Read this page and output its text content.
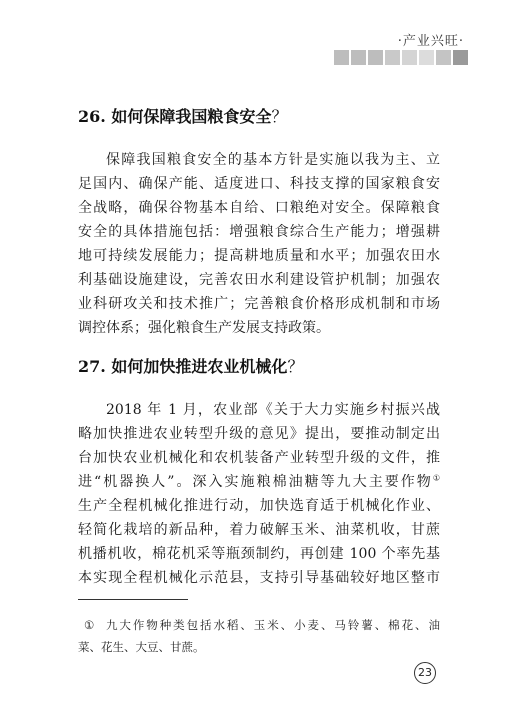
·产业兴旺·
26. 如何保障我国粮食安全？
保障我国粮食安全的基本方针是实施以我为主、立
足国内、确保产能、适度进口、科技支撑的国家粮食安
全战略，确保谷物基本自给、口粮绝对安全。保障粮食
安全的具体措施包括：增强粮食综合生产能力；增强耕
地可持续发展能力；提高耕地质量和水平；加强农田水
利基础设施建设，完善农田水利建设管护机制；加强农
业科研攻关和技术推广；完善粮食价格形成机制和市场
调控体系；强化粮食生产发展支持政策。
27. 如何加快推进农业机械化？
2018 年 1 月，农业部《关于大力实施乡村振兴战
略加快推进农业转型升级的意见》提出，要推动制定出
台加快农业机械化和农机装备产业转型升级的文件，推
进“机器换人”。深入实施粮棉油糖等九大主要作物①
生产全程机械化推进行动，加快选育适于机械化作业、
轻简化栽培的新品种，着力破解玉米、油菜机收，甘蔗
机播机收，棉花机采等瓶颈制约，再创建 100 个率先基
本实现全程机械化示范县，支持引导基础较好地区整市
① 九大作物种类包括水稻、玉米、小麦、马铃薯、棉花、油
菜、花生、大豆、甘蔗。
23
